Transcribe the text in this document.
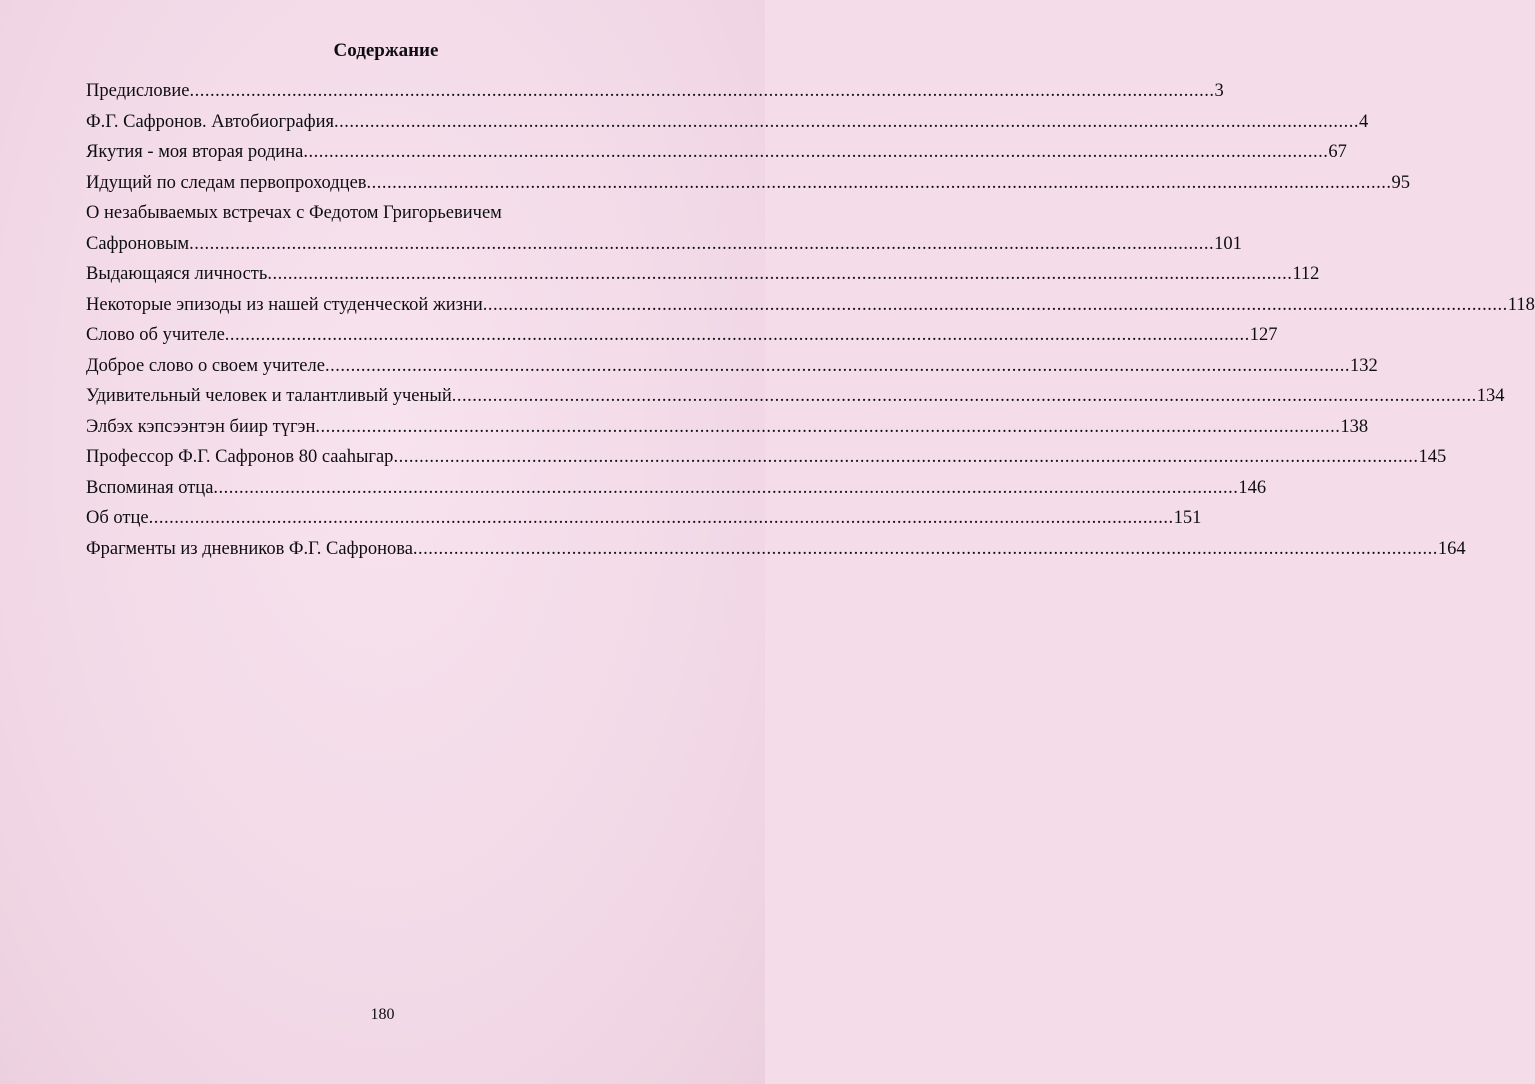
Содержание
Предисловие ........................................................................................................................................................................................................ 3
Ф.Г. Сафронов. Автобиография ........................................................................................................................................................................................................ 4
Якутия - моя вторая родина ........................................................................................................................................................................................................ 67
Идущий по следам первопроходцев ........................................................................................................................................................................................................ 95
О незабываемых встречах с Федотом Григорьевичем
Сафроновым ........................................................................................................................................................................................................ 101
Выдающаяся личность ........................................................................................................................................................................................................ 112
Некоторые эпизоды из нашей студенческой жизни ........................................................................................................................................................................................................ 118
Слово об учителе ........................................................................................................................................................................................................ 127
Доброе слово о своем учителе ........................................................................................................................................................................................................ 132
Удивительный человек и талантливый ученый ........................................................................................................................................................................................................ 134
Элбэх кэпсээнтэн биир түгэн ........................................................................................................................................................................................................ 138
Профессор Ф.Г. Сафронов 80 сааһыгар ........................................................................................................................................................................................................ 145
Вспоминая отца ........................................................................................................................................................................................................ 146
Об отце ........................................................................................................................................................................................................ 151
Фрагменты из дневников Ф.Г. Сафронова ........................................................................................................................................................................................................ 164
180
